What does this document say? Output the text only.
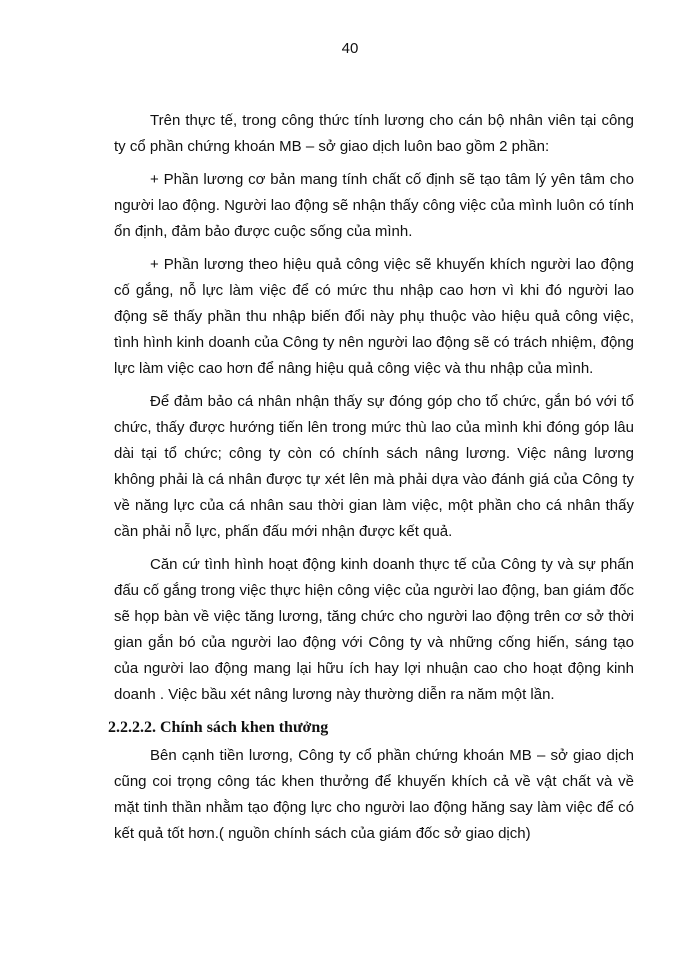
40

Trên thực tế, trong công thức tính lương cho cán bộ nhân viên tại công ty cổ phần chứng khoán MB – sở giao dịch luôn bao gồm 2 phần:

+ Phần lương cơ bản mang tính chất cố định sẽ tạo tâm lý yên tâm cho người lao động. Người lao động sẽ nhận thấy công việc của mình luôn có tính ổn định, đảm bảo được cuộc sống của mình.

+ Phần lương theo hiệu quả công việc sẽ khuyến khích người lao động cố gắng, nỗ lực làm việc để có mức thu nhập cao hơn vì khi đó người lao động sẽ thấy phần thu nhập biến đổi này phụ thuộc vào hiệu quả công việc, tình hình kinh doanh của Công ty nên người lao động sẽ có trách nhiệm, động lực làm việc cao hơn để nâng hiệu quả công việc và thu nhập của mình.

Để đảm bảo cá nhân nhận thấy sự đóng góp cho tổ chức, gắn bó với tổ chức, thấy được hướng tiến lên trong mức thù lao của mình khi đóng góp lâu dài tại tổ chức; công ty còn có chính sách nâng lương. Việc nâng lương không phải là cá nhân được tự xét lên mà phải dựa vào đánh giá của Công ty về năng lực của cá nhân sau thời gian làm việc, một phần cho cá nhân thấy cần phải nỗ lực, phấn đấu mới nhận được kết quả.

Căn cứ tình hình hoạt động kinh doanh thực tế của Công ty và sự phấn đấu cố gắng trong việc thực hiện công việc của người lao động, ban giám đốc sẽ họp bàn về việc tăng lương, tăng chức cho người lao động trên cơ sở thời gian gắn bó của người lao động với Công ty và những cống hiến, sáng tạo của người lao động mang lại hữu ích hay lợi nhuận cao cho hoạt động kinh doanh . Việc bầu xét nâng lương này thường diễn ra năm một lần.

2.2.2.2. Chính sách khen thưởng

Bên cạnh tiền lương, Công ty cổ phần chứng khoán MB – sở giao dịch cũng coi trọng công tác khen thưởng để khuyến khích cả về vật chất và về mặt tinh thần nhằm tạo động lực cho người lao động hăng say làm việc để có kết quả tốt hơn.( nguồn chính sách của giám đốc sở giao dịch)
